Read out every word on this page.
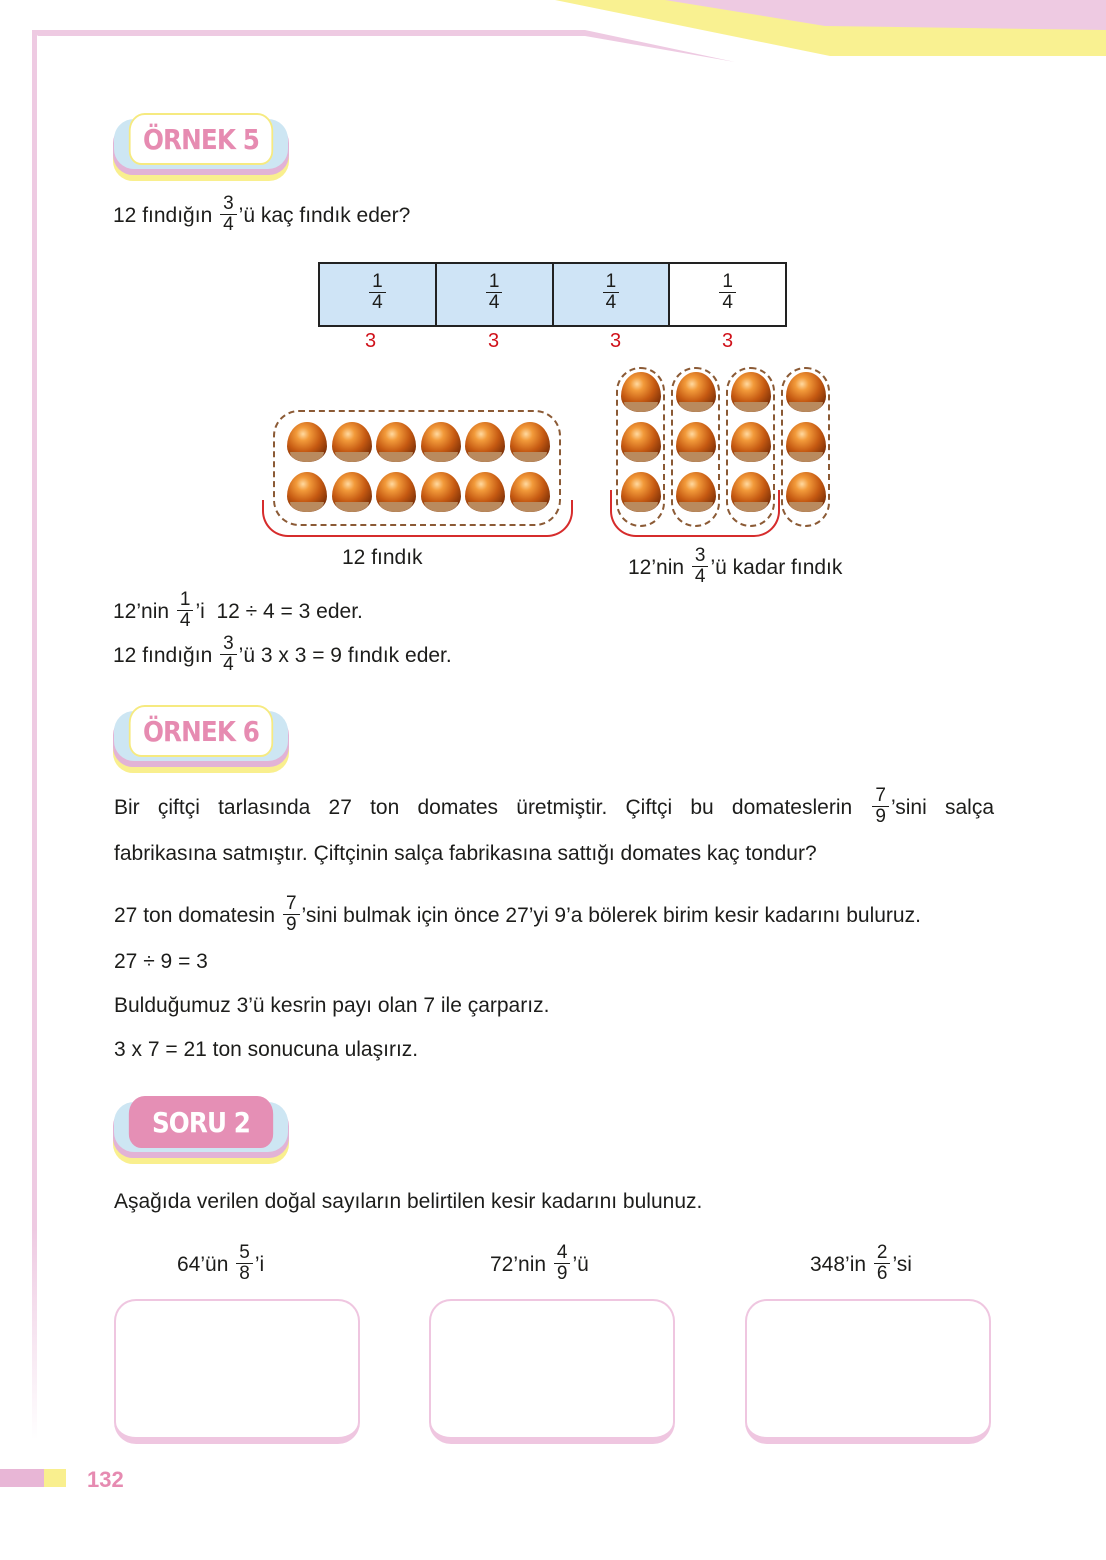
ÖRNEK 5
12 fındığın $\frac{3}{4}$ ’ü kaç fındık eder?
$\frac{1}{4}$	$\frac{1}{4}$	$\frac{1}{4}$	$\frac{1}{4}$
3	3	3	3
12 fındık	12’nin $\frac{3}{4}$ ’ü kadar fındık
12’nin $\frac{1}{4}$ ’i  12 ÷ 4 = 3 eder.
12 fındığın $\frac{3}{4}$ ’ü 3 x 3 = 9 fındık eder.
ÖRNEK 6
Bir çiftçi tarlasında 27 ton domates üretmiştir. Çiftçi bu domateslerin $\frac{7}{9}$ ’sini salça
fabrikasına satmıştır. Çiftçinin salça fabrikasına sattığı domates kaç tondur?
27 ton domatesin $\frac{7}{9}$ ’sini bulmak için önce 27’yi 9’a bölerek birim kesir kadarını buluruz.
27 ÷ 9 = 3
Bulduğumuz 3’ü kesrin payı olan 7 ile çarparız.
3 x 7 = 21 ton sonucuna ulaşırız.
SORU 2
Aşağıda verilen doğal sayıların belirtilen kesir kadarını bulunuz.
64’ün $\frac{5}{8}$ ’i	72’nin $\frac{4}{9}$ ’ü	348’in $\frac{2}{6}$ ’si
132
